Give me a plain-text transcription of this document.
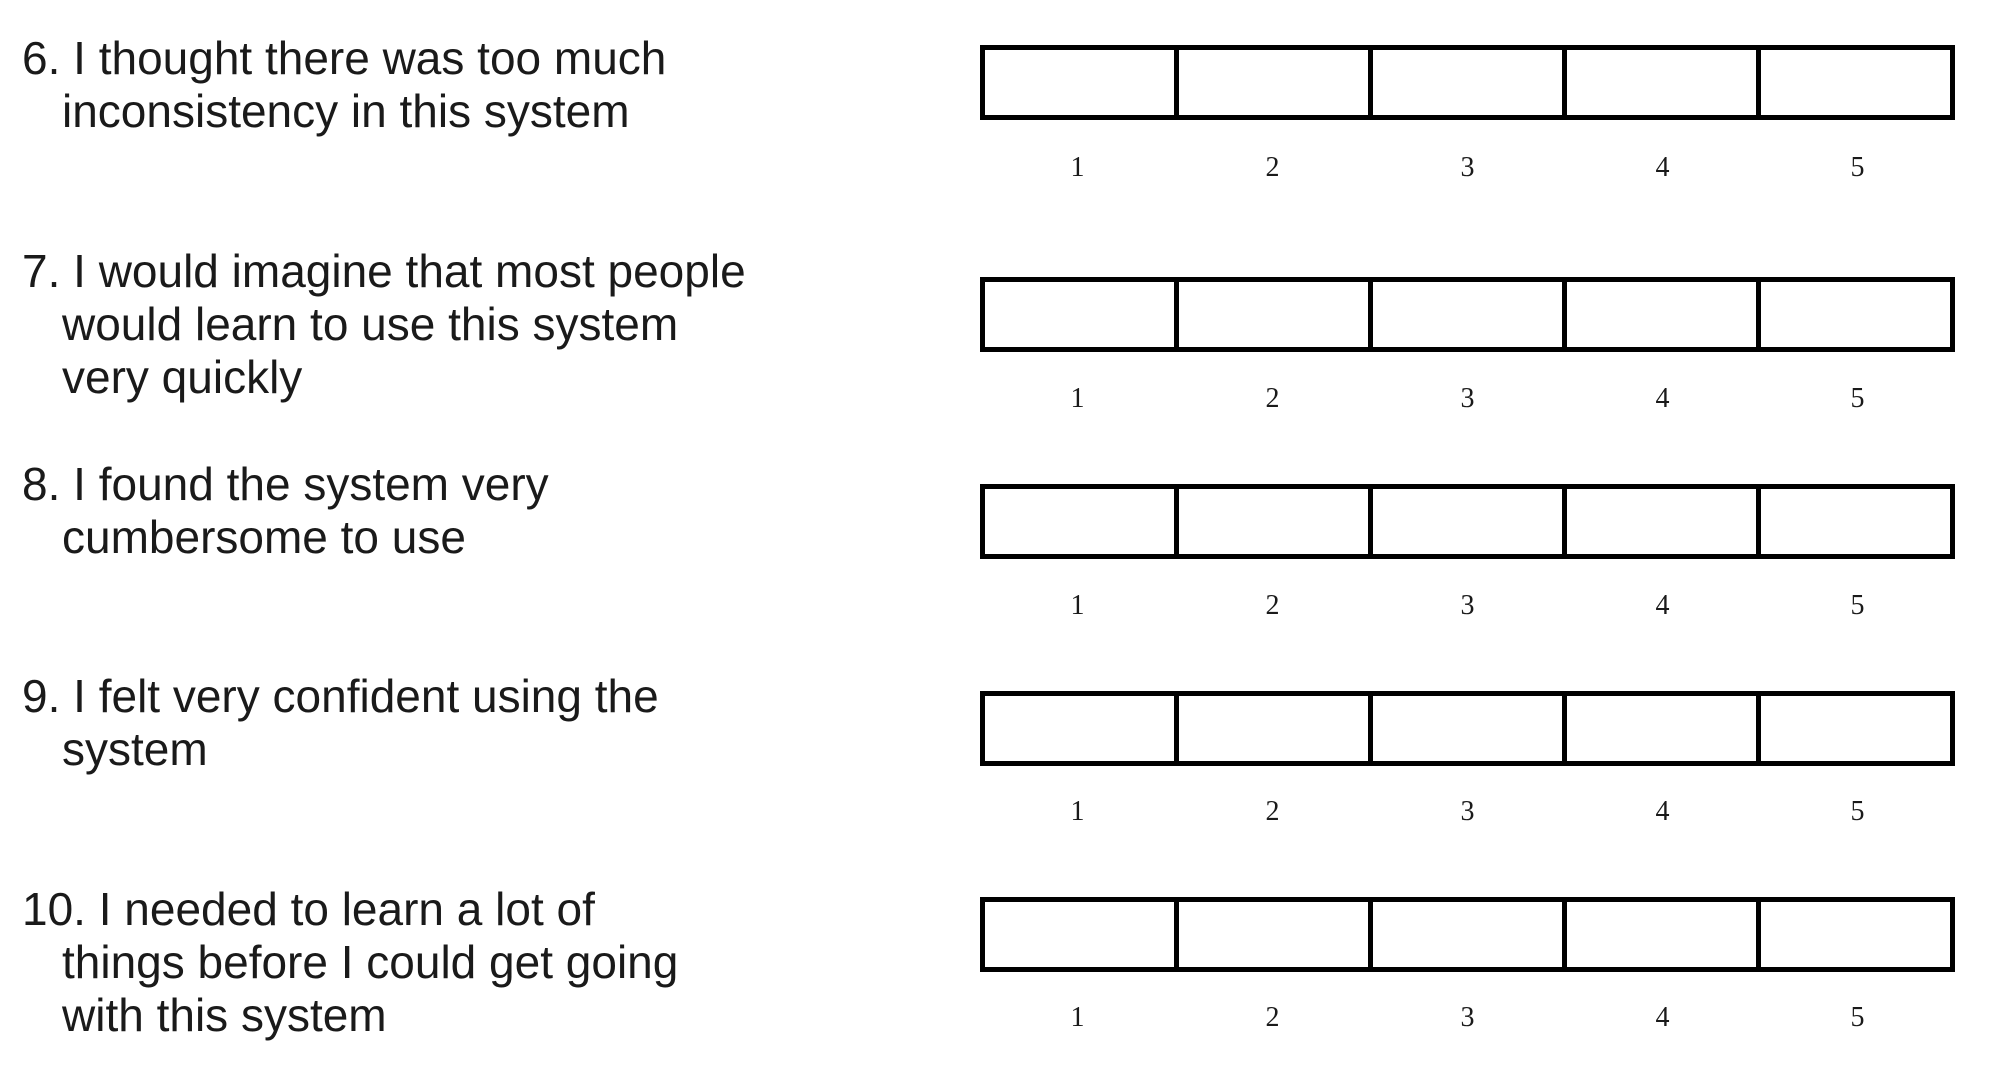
6. I thought there was too much
inconsistency in this system
1	2	3	4	5
7. I would imagine that most people
would learn to use this system
very quickly	1	2	3	4	5
8. I found the system very
cumbersome to use
1	2	3	4	5
9. I felt very confident using the
system
1	2	3	4	5
10. I needed to learn a lot of
things before I could get going
with this system	1	2	3	4	5
